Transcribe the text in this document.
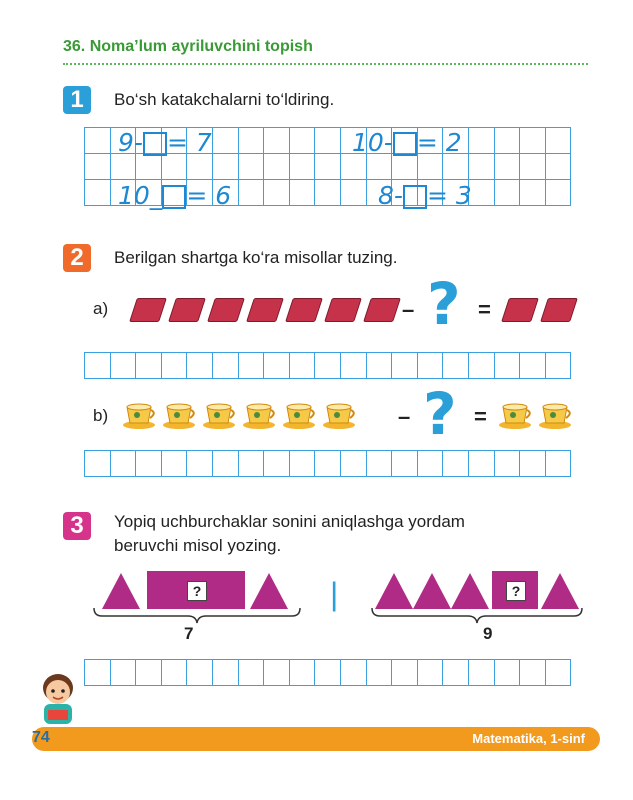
36. Noma’lum ayriluvchini topish
1	Bo‘sh katakchalarni to‘ldiring.

9- = 7	10- = 2
10_ = 6	8- = 3
2	Berilgan shartga ko‘ra misollar tuzing.
a)	– ? =

b)	– ? =

3	Yopiq uchburchaklar sonini aniqlashga yordam
beruvchi misol yozing.
?
7
|	?
9

74	Matematika, 1-sinf
